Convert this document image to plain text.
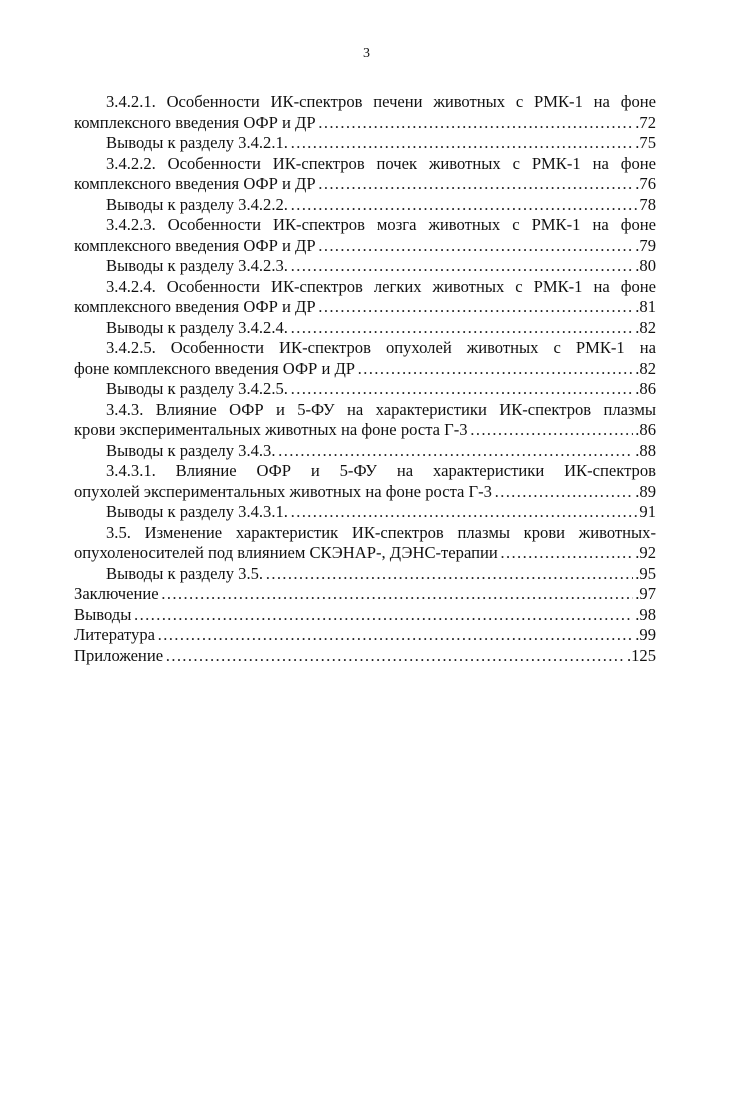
3
3.4.2.1. Особенности ИК-спектров печени животных с РМК-1 на фоне
комплексного введения ОФР и ДР ………………………………………………………………………………………………………………………………………………………………………………………	.72
Выводы к разделу 3.4.2.1. ………………………………………………………………………………………………………………………………………………………………………………………	.75
3.4.2.2. Особенности ИК-спектров почек животных с РМК-1 на фоне
комплексного введения ОФР и ДР ………………………………………………………………………………………………………………………………………………………………………………………	.76
Выводы к разделу 3.4.2.2. ………………………………………………………………………………………………………………………………………………………………………………………	78
3.4.2.3. Особенности ИК-спектров мозга животных с РМК-1 на фоне
комплексного введения ОФР и ДР ………………………………………………………………………………………………………………………………………………………………………………………	.79
Выводы к разделу 3.4.2.3. ………………………………………………………………………………………………………………………………………………………………………………………	.80
3.4.2.4. Особенности ИК-спектров легких животных с РМК-1 на фоне
комплексного введения ОФР и ДР ………………………………………………………………………………………………………………………………………………………………………………………	.81
Выводы к разделу 3.4.2.4. ………………………………………………………………………………………………………………………………………………………………………………………	.82
3.4.2.5. Особенности ИК-спектров опухолей животных с РМК-1 на
фоне комплексного введения ОФР и ДР ………………………………………………………………………………………………………………………………………………………………………………………	.82
Выводы к разделу 3.4.2.5. ………………………………………………………………………………………………………………………………………………………………………………………	.86
3.4.3. Влияние ОФР и 5-ФУ на характеристики ИК-спектров плазмы
крови экспериментальных животных на фоне роста Г-3 ………………………………………………………………………………………………………………………………………………………………………………………	.86
Выводы к разделу 3.4.3. ………………………………………………………………………………………………………………………………………………………………………………………	.88
3.4.3.1. Влияние ОФР и 5-ФУ на характеристики ИК-спектров
опухолей экспериментальных животных на фоне роста Г-3 ………………………………………………………………………………………………………………………………………………………………………………………	.89
Выводы к разделу 3.4.3.1. ………………………………………………………………………………………………………………………………………………………………………………………	91
3.5. Изменение характеристик ИК-спектров плазмы крови животных-
опухоленосителей под влиянием СКЭНАР-, ДЭНС-терапии ………………………………………………………………………………………………………………………………………………………………………………………	.92
Выводы к разделу 3.5. ………………………………………………………………………………………………………………………………………………………………………………………	.95
Заключение ………………………………………………………………………………………………………………………………………………………………………………………	.97
Выводы ………………………………………………………………………………………………………………………………………………………………………………………	.98
Литература ………………………………………………………………………………………………………………………………………………………………………………………	.99
Приложение ………………………………………………………………………………………………………………………………………………………………………………………	.125
